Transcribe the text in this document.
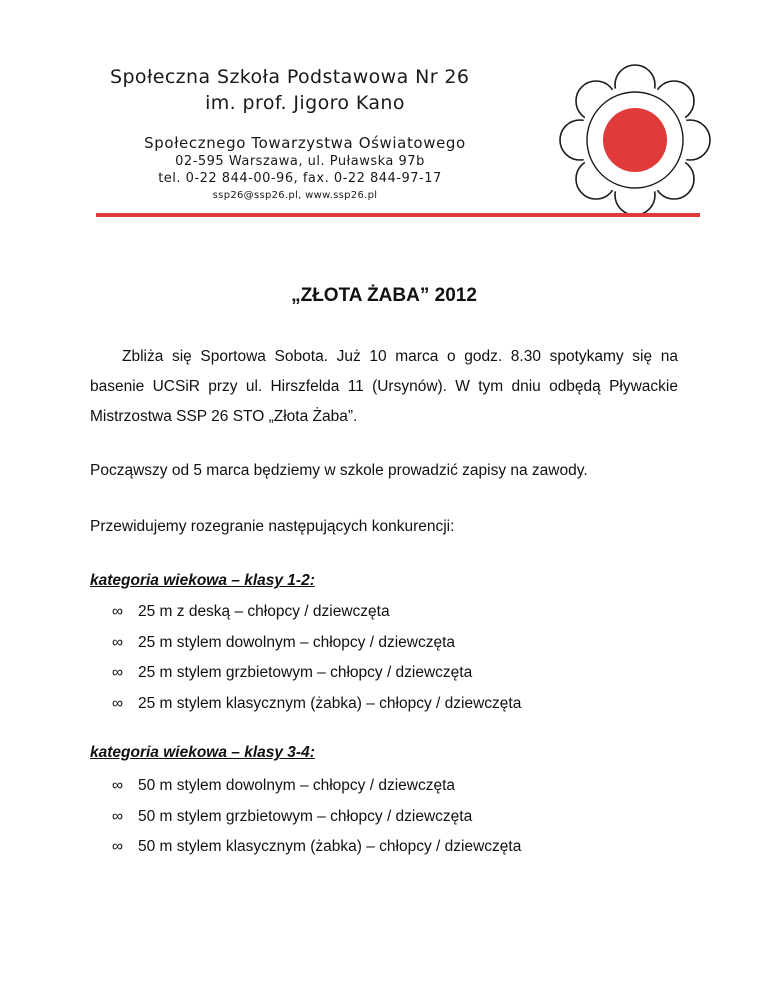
Społeczna Szkoła Podstawowa Nr 26
im. prof. Jigoro Kano
Społecznego Towarzystwa Oświatowego
02-595 Warszawa, ul. Puławska 97b
tel. 0-22 844-00-96, fax. 0-22 844-97-17
ssp26@ssp26.pl, www.ssp26.pl
„ZŁOTA ŻABA” 2012
Zbliża się Sportowa Sobota. Już 10 marca o godz. 8.30 spotykamy się na basenie UCSiR przy ul. Hirszfelda 11 (Ursynów). W tym dniu odbędą Pływackie Mistrzostwa SSP 26 STO „Złota Żaba”.
Począwszy od 5 marca będziemy w szkole prowadzić zapisy na zawody.
Przewidujemy rozegranie następujących konkurencji:
kategoria wiekowa – klasy 1-2:
∞ 25 m z deską – chłopcy / dziewczęta
∞ 25 m stylem dowolnym – chłopcy / dziewczęta
∞ 25 m stylem grzbietowym – chłopcy / dziewczęta
∞ 25 m stylem klasycznym (żabka) – chłopcy / dziewczęta
kategoria wiekowa – klasy 3-4:
∞ 50 m stylem dowolnym – chłopcy / dziewczęta
∞ 50 m stylem grzbietowym – chłopcy / dziewczęta
∞ 50 m stylem klasycznym (żabka) – chłopcy / dziewczęta
